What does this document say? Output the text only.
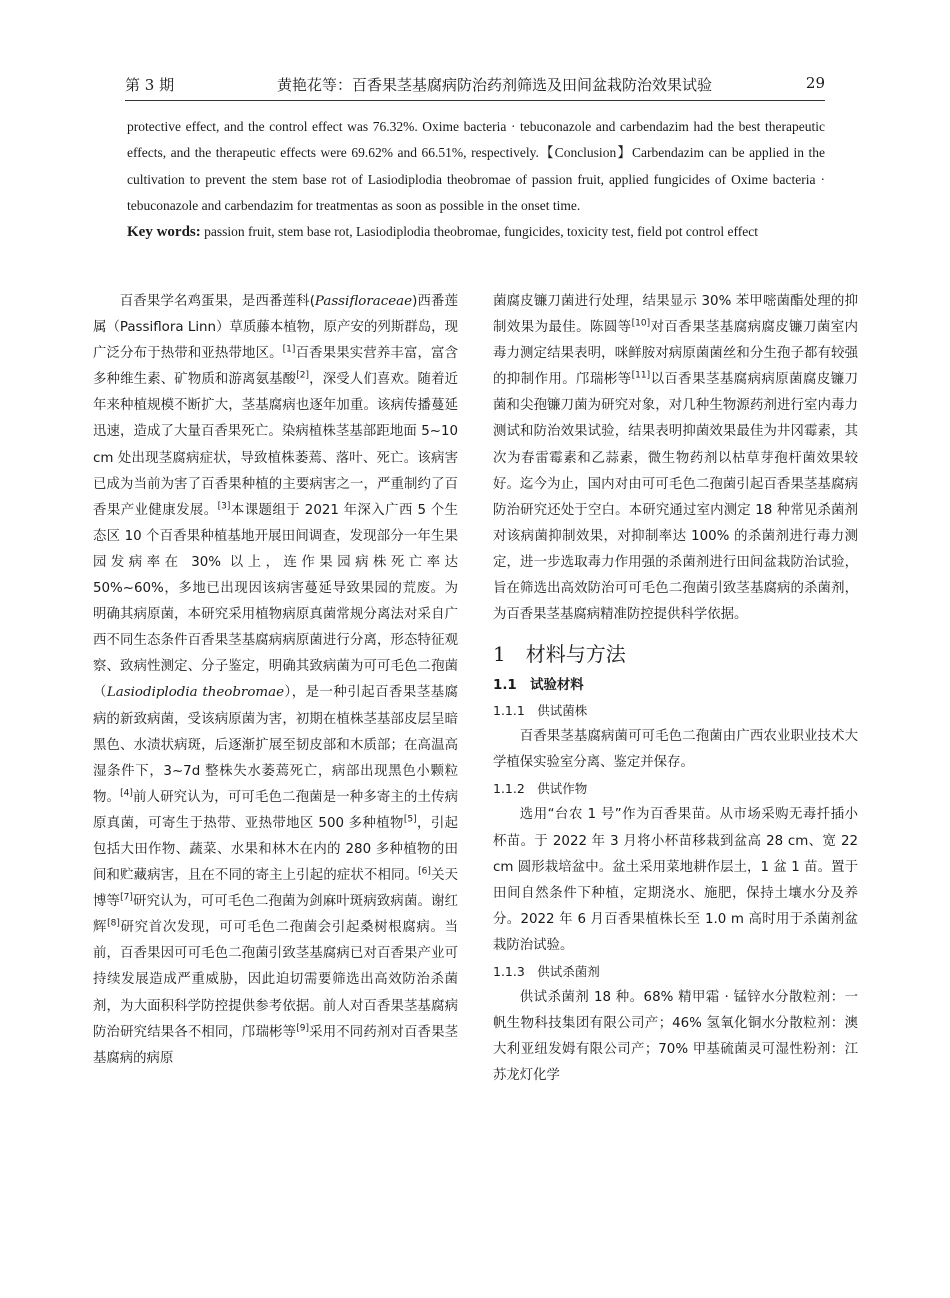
第 3 期	黄艳花等：百香果茎基腐病防治药剂筛选及田间盆栽防治效果试验	29

protective effect, and the control effect was 76.32%. Oxime bacteria · tebuconazole and carbendazim had the best therapeutic effects, and the therapeutic effects were 69.62% and 66.51%, respectively.【Conclusion】Carbendazim can be applied in the cultivation to prevent the stem base rot of Lasiodiplodia theobromae of passion fruit, applied fungicides of Oxime bacteria · tebuconazole and carbendazim for treatmentas as soon as possible in the onset time.

Key words: passion fruit, stem base rot, Lasiodiplodia theobromae, fungicides, toxicity test, field pot control effect

百香果学名鸡蛋果，是西番莲科(Passifloraceae)西番莲属（Passiflora Linn）草质藤本植物，原产安的列斯群岛，现广泛分布于热带和亚热带地区。[1]百香果果实营养丰富，富含多种维生素、矿物质和游离氨基酸[2]，深受人们喜欢。随着近年来种植规模不断扩大，茎基腐病也逐年加重。该病传播蔓延迅速，造成了大量百香果死亡。染病植株茎基部距地面 5~10 cm 处出现茎腐病症状，导致植株萎蔫、落叶、死亡。该病害已成为当前为害了百香果种植的主要病害之一，严重制约了百香果产业健康发展。[3]本课题组于 2021 年深入广西 5 个生态区 10 个百香果种植基地开展田间调查，发现部分一年生果园发病率在 30% 以上，连作果园病株死亡率达 50%~60%，多地已出现因该病害蔓延导致果园的荒废。为明确其病原菌，本研究采用植物病原真菌常规分离法对采自广西不同生态条件百香果茎基腐病病原菌进行分离，形态特征观察、致病性测定、分子鉴定，明确其致病菌为可可毛色二孢菌（Lasiodiplodia theobromae），是一种引起百香果茎基腐病的新致病菌，受该病原菌为害，初期在植株茎基部皮层呈暗黑色、水渍状病斑，后逐渐扩展至韧皮部和木质部；在高温高湿条件下，3~7d 整株失水萎蔫死亡，病部出现黑色小颗粒物。[4]前人研究认为，可可毛色二孢菌是一种多寄主的土传病原真菌，可寄生于热带、亚热带地区 500 多种植物[5]，引起包括大田作物、蔬菜、水果和林木在内的 280 多种植物的田间和贮藏病害，且在不同的寄主上引起的症状不相同。[6]关天博等[7]研究认为，可可毛色二孢菌为剑麻叶斑病致病菌。谢红辉[8]研究首次发现，可可毛色二孢菌会引起桑树根腐病。当前，百香果因可可毛色二孢菌引致茎基腐病已对百香果产业可持续发展造成严重威胁，因此迫切需要筛选出高效防治杀菌剂，为大面积科学防控提供参考依据。前人对百香果茎基腐病防治研究结果各不相同，邝瑞彬等[9]采用不同药剂对百香果茎基腐病的病原

菌腐皮镰刀菌进行处理，结果显示 30% 苯甲嘧菌酯处理的抑制效果为最佳。陈圆等[10]对百香果茎基腐病腐皮镰刀菌室内毒力测定结果表明，咪鲜胺对病原菌菌丝和分生孢子都有较强的抑制作用。邝瑞彬等[11]以百香果茎基腐病病原菌腐皮镰刀菌和尖孢镰刀菌为研究对象，对几种生物源药剂进行室内毒力测试和防治效果试验，结果表明抑菌效果最佳为井冈霉素，其次为春雷霉素和乙蒜素，微生物药剂以枯草芽孢杆菌效果较好。迄今为止，国内对由可可毛色二孢菌引起百香果茎基腐病防治研究还处于空白。本研究通过室内测定 18 种常见杀菌剂对该病菌抑制效果，对抑制率达 100% 的杀菌剂进行毒力测定，进一步选取毒力作用强的杀菌剂进行田间盆栽防治试验，旨在筛选出高效防治可可毛色二孢菌引致茎基腐病的杀菌剂，为百香果茎基腐病精准防控提供科学依据。

1　材料与方法
1.1　试验材料
1.1.1　供试菌株

百香果茎基腐病菌可可毛色二孢菌由广西农业职业技术大学植保实验室分离、鉴定并保存。

1.1.2　供试作物

选用“台农 1 号”作为百香果苗。从市场采购无毒扦插小杯苗。于 2022 年 3 月将小杯苗移栽到盆高 28 cm、宽 22 cm 圆形栽培盆中。盆土采用菜地耕作层土，1 盆 1 苗。置于田间自然条件下种植，定期浇水、施肥，保持土壤水分及养分。2022 年 6 月百香果植株长至 1.0 m 高时用于杀菌剂盆栽防治试验。

1.1.3　供试杀菌剂

供试杀菌剂 18 种。68% 精甲霜 · 锰锌水分散粒剂：一帆生物科技集团有限公司产；46% 氢氧化铜水分散粒剂：澳大利亚纽发姆有限公司产；70% 甲基硫菌灵可湿性粉剂：江苏龙灯化学
